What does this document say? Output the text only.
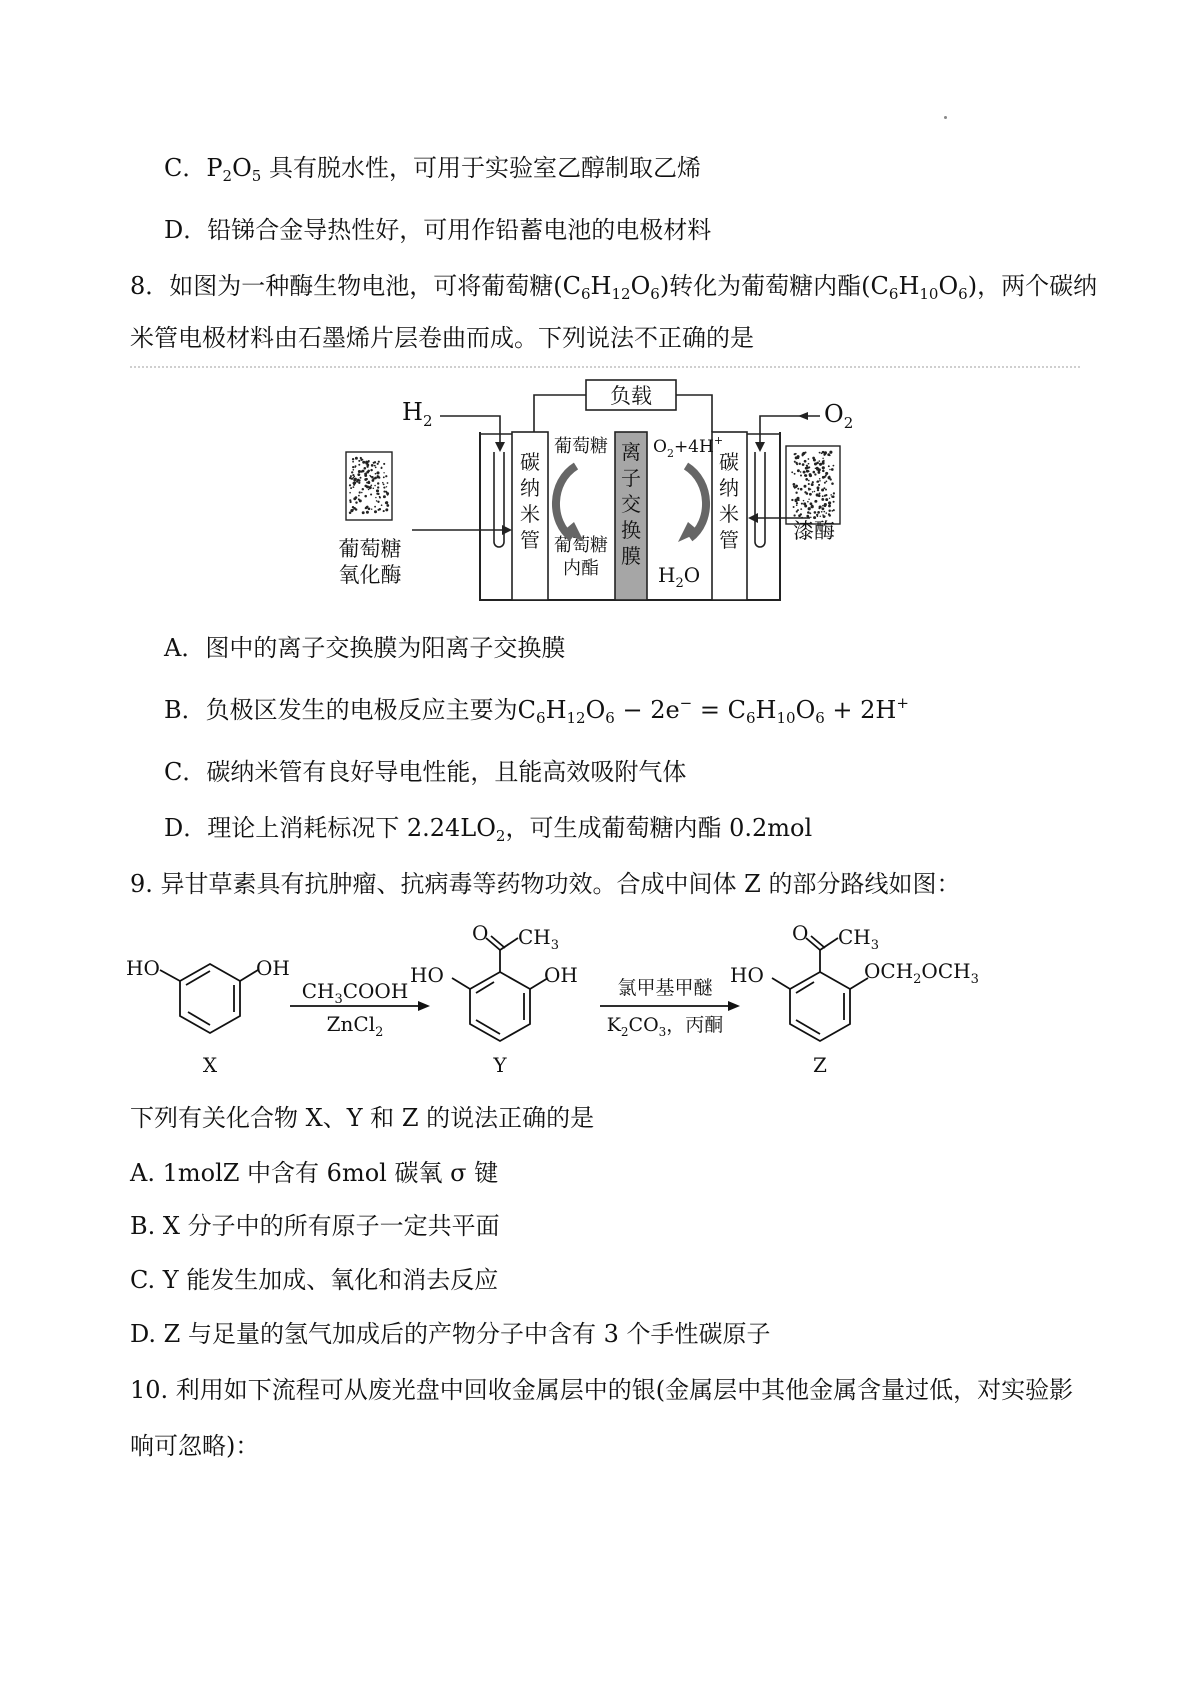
C．$P_2O_5$ 具有脱水性，可用于实验室乙醇制取乙烯
D．铅锑合金导热性好，可用作铅蓄电池的电极材料
8．如图为一种酶生物电池，可将葡萄糖$(C_6H_{12}O_6)$转化为葡萄糖内酯$(C_6H_{10}O_6)$，两个碳纳
米管电极材料由石墨烯片层卷曲而成。下列说法不正确的是
负载
碳
纳
米
管
离
子
交
换
膜
碳
纳
米
管
$H_2$	$O_2$
葡萄糖
葡萄糖
内酯
$O_2+4H^+$
$H_2O$
葡萄糖
氧化酶
漆酶
A．图中的离子交换膜为阳离子交换膜
B．负极区发生的电极反应主要为$C_6H_{12}O_6 - 2e^- = C_6H_{10}O_6 + 2H^+$
C．碳纳米管有良好导电性能，且能高效吸附气体
D．理论上消耗标况下 $2.24LO_2$，可生成葡萄糖内酯 0.2mol
9. 异甘草素具有抗肿瘤、抗病毒等药物功效。合成中间体 Z 的部分路线如图：
HO	OH
X
$CH_3COOH$
ZnCl$_2$
HO	OH
O $CH_3$
Y
氯甲基甲醚
$K_2CO_3$，丙酮
HO	$OCH_2OCH_3$
O $CH_3$
Z
下列有关化合物 X、Y 和 Z 的说法正确的是
A. 1molZ 中含有 6mol 碳氧 σ 键
B. X 分子中的所有原子一定共平面
C. Y 能发生加成、氧化和消去反应
D. Z 与足量的氢气加成后的产物分子中含有 3 个手性碳原子
10. 利用如下流程可从废光盘中回收金属层中的银(金属层中其他金属含量过低，对实验影
响可忽略)：
